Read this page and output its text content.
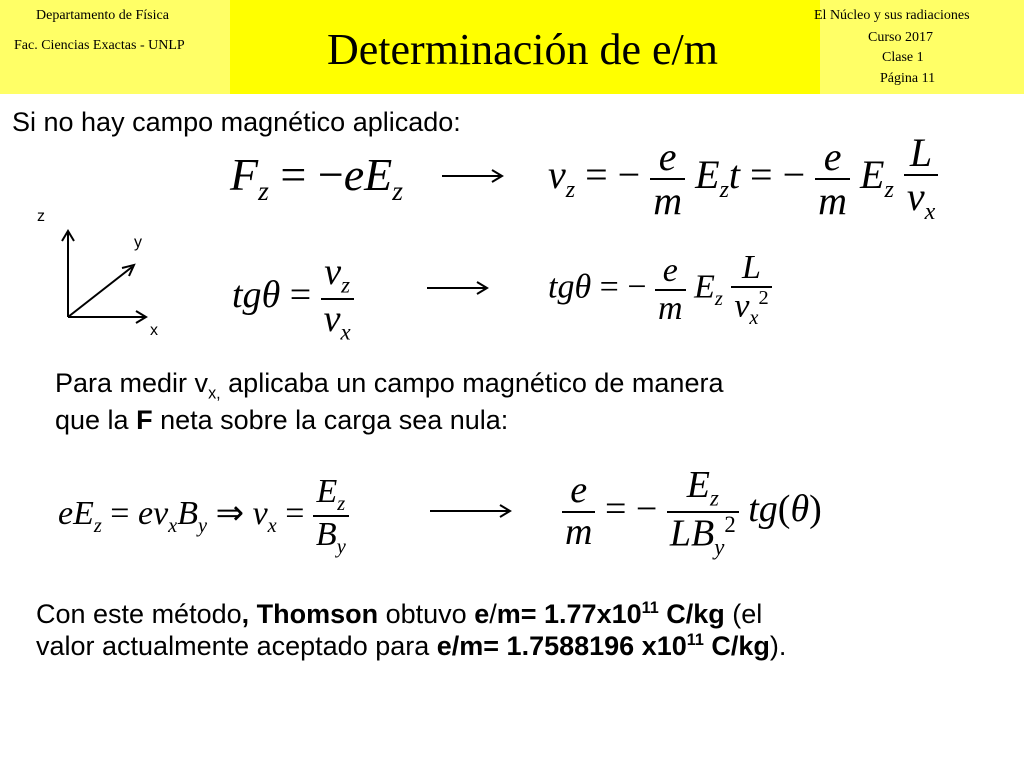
Departamento de Física
Fac. Ciencias Exactas - UNLP	Determinación de e/m
El Núcleo y sus radiaciones
Curso 2017
Clase 1
Página 11
Si no hay campo magnético aplicado:
$F_z = -eE_z$	$v_z$ = − $\frac{e}{m} E_zt$ = − $\frac{e}{m} E_z \frac{L}{v_x}$
z
y
x
$tg\theta = \frac{v_z}{v_x}$	tgθ = − $\frac{e}{m} E_z \frac{L}{v_x^2}$
Para medir $v_{x,}$ aplicaba un campo magnético de manera
que la F neta sobre la carga sea nula:
$eE_z = ev_xB_y$ ⇒ $v_x = \frac{E_z}{B_y}$	$\frac{e}{m}$ = − $\frac{E_z}{LB_y^2} tg(\theta)$
Con este método, Thomson obtuvo $e/m= 1.77x10^{11}$ C/kg (el
valor actualmente aceptado para e/m= 1.7588196 $x10^{11}$ C/kg).
